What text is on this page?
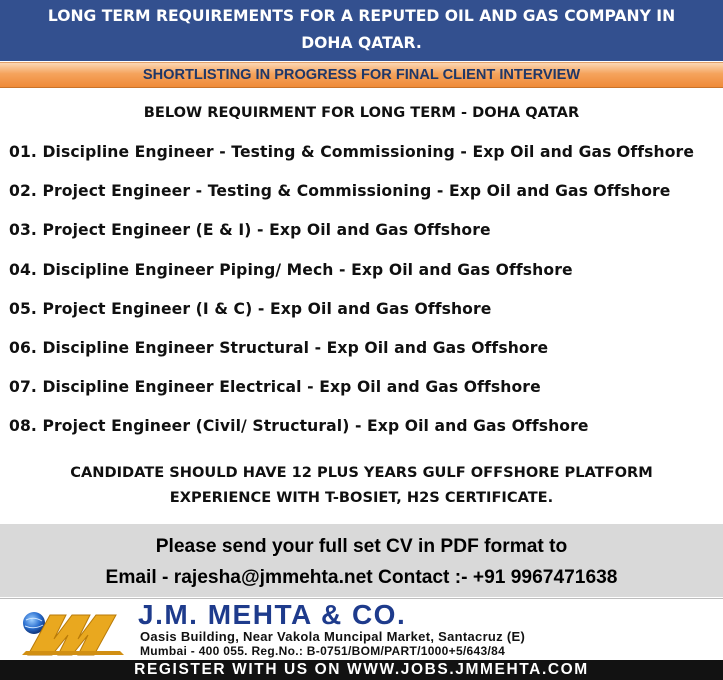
LONG TERM REQUIREMENTS FOR A REPUTED OIL AND GAS COMPANY IN
DOHA QATAR.
SHORTLISTING IN PROGRESS FOR FINAL CLIENT INTERVIEW
BELOW REQUIRMENT FOR LONG TERM - DOHA QATAR
01. Discipline Engineer - Testing & Commissioning - Exp Oil and Gas Offshore
02. Project Engineer - Testing & Commissioning - Exp Oil and Gas Offshore
03. Project Engineer (E & I) - Exp Oil and Gas Offshore
04. Discipline Engineer Piping/ Mech - Exp Oil and Gas Offshore
05. Project Engineer (I & C) - Exp Oil and Gas Offshore
06. Discipline Engineer Structural - Exp Oil and Gas Offshore
07. Discipline Engineer Electrical - Exp Oil and Gas Offshore
08. Project Engineer (Civil/ Structural) - Exp Oil and Gas Offshore
CANDIDATE SHOULD HAVE 12 PLUS YEARS GULF OFFSHORE PLATFORM
EXPERIENCE WITH T-BOSIET, H2S CERTIFICATE.
Please send your full set CV in PDF format to
Email - rajesha@jmmehta.net Contact :- +91 9967471638
J.M. MEHTA & CO.
Oasis Building, Near Vakola Muncipal Market, Santacruz (E)
Mumbai - 400 055. Reg.No.: B-0751/BOM/PART/1000+5/643/84
REGISTER WITH US ON WWW.JOBS.JMMEHTA.COM
